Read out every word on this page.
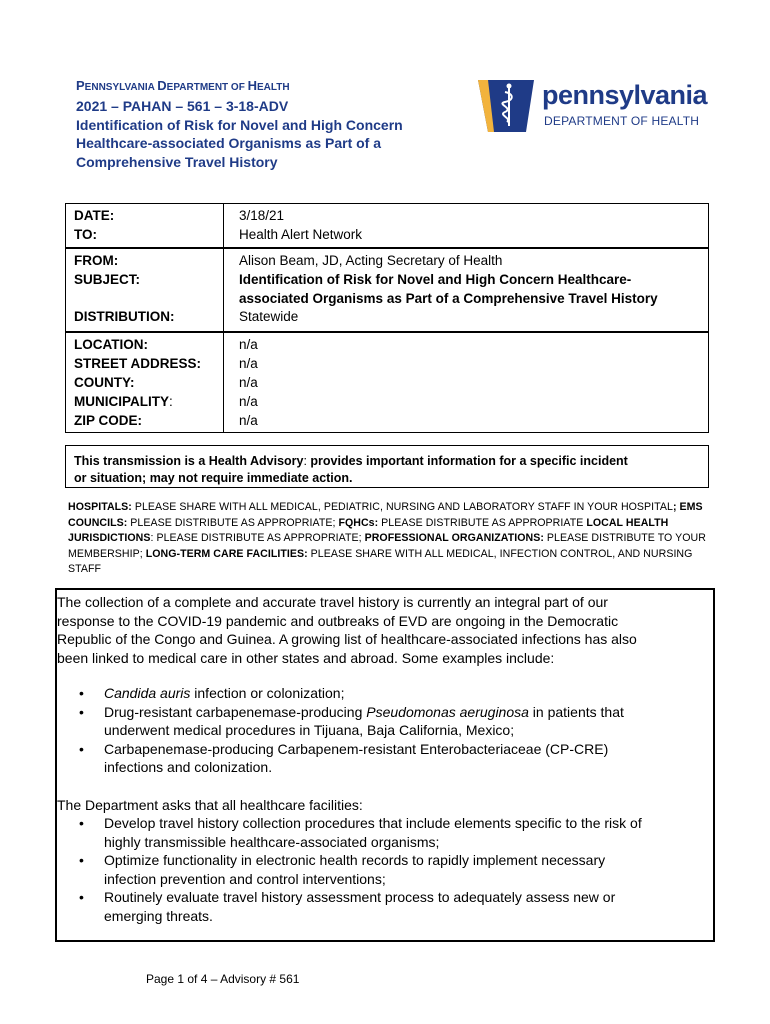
PENNSYLVANIA DEPARTMENT OF HEALTH
2021 – PAHAN – 561 – 3-18-ADV
Identification of Risk for Novel and High Concern
Healthcare-associated Organisms as Part of a
Comprehensive Travel History
pennsylvania
DEPARTMENT OF HEALTH
DATE:
TO:
3/18/21
Health Alert Network
FROM:
SUBJECT:
DISTRIBUTION:
Alison Beam, JD, Acting Secretary of Health
Identification of Risk for Novel and High Concern Healthcare-
associated Organisms as Part of a Comprehensive Travel History
Statewide
LOCATION:
STREET ADDRESS:
COUNTY:
MUNICIPALITY:
ZIP CODE:
n/a
n/a
n/a
n/a
n/a
This transmission is a Health Advisory: provides important information for a specific incident
or situation; may not require immediate action.
HOSPITALS: PLEASE SHARE WITH ALL MEDICAL, PEDIATRIC, NURSING AND LABORATORY STAFF IN YOUR HOSPITAL; EMS COUNCILS: PLEASE DISTRIBUTE AS APPROPRIATE; FQHCs: PLEASE DISTRIBUTE AS APPROPRIATE LOCAL HEALTH JURISDICTIONS: PLEASE DISTRIBUTE AS APPROPRIATE; PROFESSIONAL ORGANIZATIONS: PLEASE DISTRIBUTE TO YOUR MEMBERSHIP; LONG-TERM CARE FACILITIES: PLEASE SHARE WITH ALL MEDICAL, INFECTION CONTROL, AND NURSING STAFF
The collection of a complete and accurate travel history is currently an integral part of our
response to the COVID-19 pandemic and outbreaks of EVD are ongoing in the Democratic
Republic of the Congo and Guinea. A growing list of healthcare-associated infections has also
been linked to medical care in other states and abroad. Some examples include:
• Candida auris infection or colonization;
• Drug-resistant carbapenemase-producing Pseudomonas aeruginosa in patients that
underwent medical procedures in Tijuana, Baja California, Mexico;
• Carbapenemase-producing Carbapenem-resistant Enterobacteriaceae (CP-CRE)
infections and colonization.
The Department asks that all healthcare facilities:
• Develop travel history collection procedures that include elements specific to the risk of
highly transmissible healthcare-associated organisms;
• Optimize functionality in electronic health records to rapidly implement necessary
infection prevention and control interventions;
• Routinely evaluate travel history assessment process to adequately assess new or
emerging threats.
Page 1 of 4 – Advisory # 561
